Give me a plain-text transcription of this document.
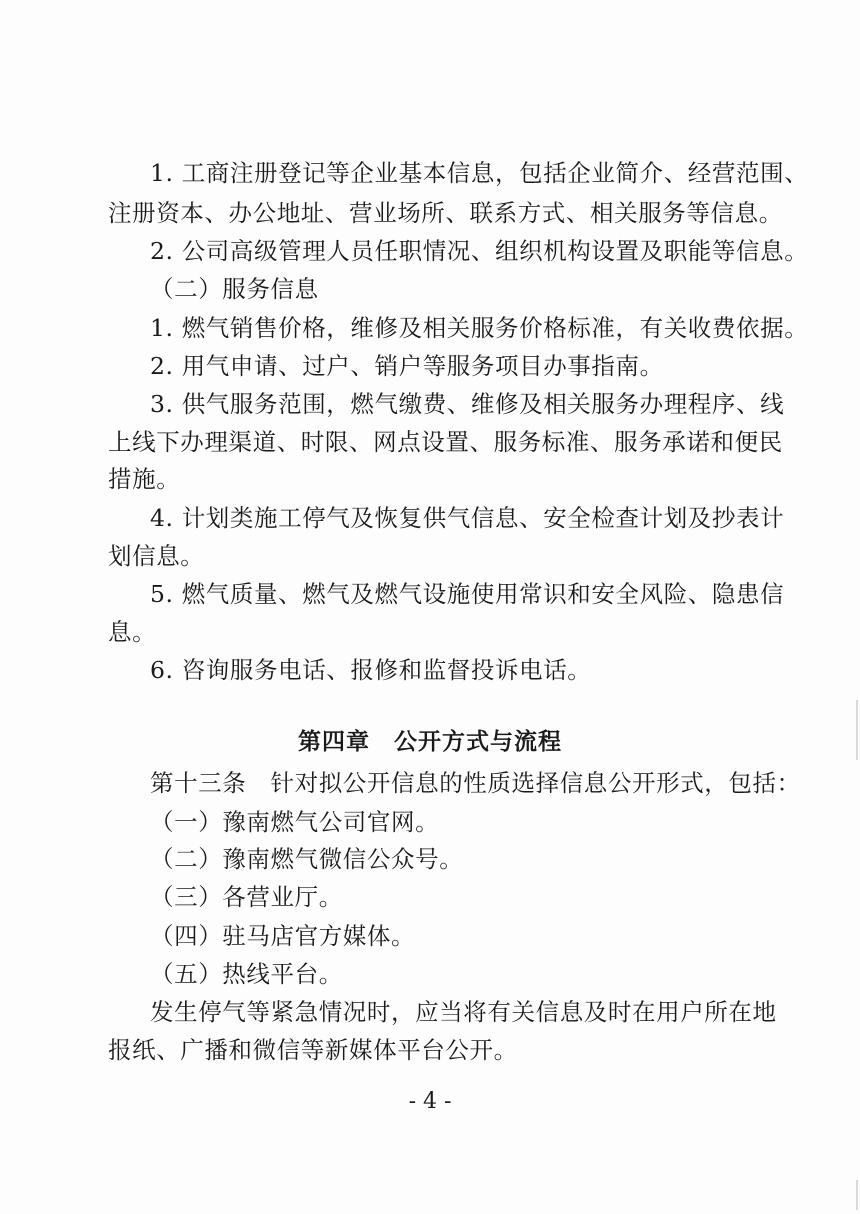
1. 工商注册登记等企业基本信息，包括企业简介、经营范围、
注册资本、办公地址、营业场所、联系方式、相关服务等信息。
2. 公司高级管理人员任职情况、组织机构设置及职能等信息。
（二）服务信息
1. 燃气销售价格，维修及相关服务价格标准，有关收费依据。
2. 用气申请、过户、销户等服务项目办事指南。
3. 供气服务范围，燃气缴费、维修及相关服务办理程序、线
上线下办理渠道、时限、网点设置、服务标准、服务承诺和便民
措施。
4. 计划类施工停气及恢复供气信息、安全检查计划及抄表计
划信息。
5. 燃气质量、燃气及燃气设施使用常识和安全风险、隐患信
息。
6. 咨询服务电话、报修和监督投诉电话。
第四章　公开方式与流程
第十三条　针对拟公开信息的性质选择信息公开形式，包括：
（一）豫南燃气公司官网。
（二）豫南燃气微信公众号。
（三）各营业厅。
（四）驻马店官方媒体。
（五）热线平台。
发生停气等紧急情况时，应当将有关信息及时在用户所在地
报纸、广播和微信等新媒体平台公开。
- 4 -
